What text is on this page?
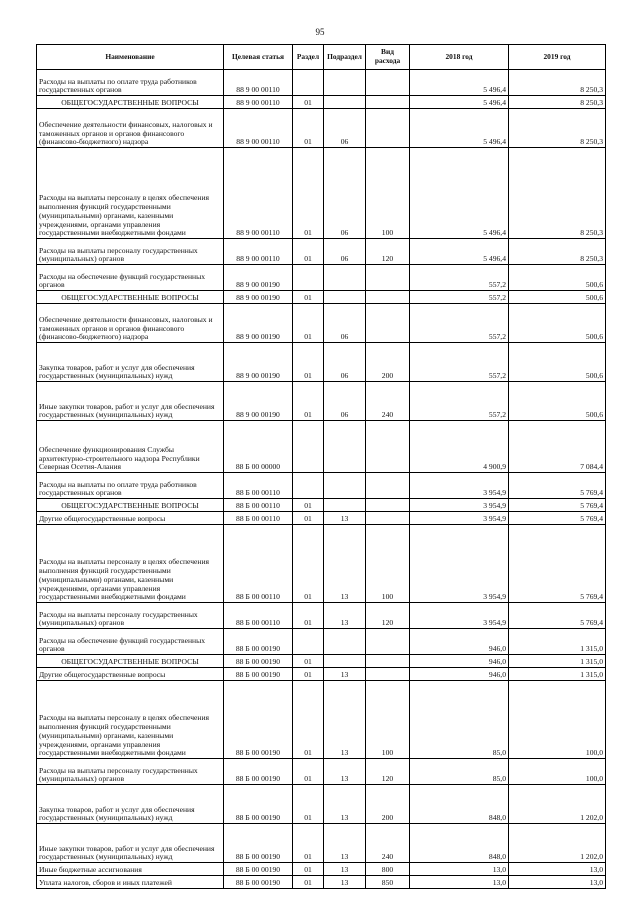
95
Наименование	Целевая статья	Раздел	Подраздел	Вид расхода	2018 год	2019 год
Расходы на выплаты по оплате труда работников государственных органов	88 9 00 00110				5 496,4	8 250,3
ОБЩЕГОСУДАРСТВЕННЫЕ ВОПРОСЫ	88 9 00 00110	01			5 496,4	8 250,3
Обеспечение деятельности финансовых, налоговых и таможенных органов и органов финансового (финансово-бюджетного) надзора	88 9 00 00110	01	06		5 496,4	8 250,3
Расходы на выплаты персоналу в целях обеспечения выполнения функций государственными (муниципальными) органами, казенными учреждениями, органами управления государственными внебюджетными фондами	88 9 00 00110	01	06	100	5 496,4	8 250,3
Расходы на выплаты персоналу государственных (муниципальных) органов	88 9 00 00110	01	06	120	5 496,4	8 250,3
Расходы на обеспечение функций государственных органов	88 9 00 00190				557,2	500,6
ОБЩЕГОСУДАРСТВЕННЫЕ ВОПРОСЫ	88 9 00 00190	01			557,2	500,6
Обеспечение деятельности финансовых, налоговых и таможенных органов и органов финансового (финансово-бюджетного) надзора	88 9 00 00190	01	06		557,2	500,6
Закупка товаров, работ и услуг для обеспечения государственных (муниципальных) нужд	88 9 00 00190	01	06	200	557,2	500,6
Иные закупки товаров, работ и услуг для обеспечения государственных (муниципальных) нужд	88 9 00 00190	01	06	240	557,2	500,6
Обеспечение функционирования Службы архитектурно-строительного надзора Республики Северная Осетия-Алания	88 Б 00 00000				4 900,9	7 084,4
Расходы на выплаты по оплате труда работников государственных органов	88 Б 00 00110				3 954,9	5 769,4
ОБЩЕГОСУДАРСТВЕННЫЕ ВОПРОСЫ	88 Б 00 00110	01			3 954,9	5 769,4
Другие общегосударственные вопросы	88 Б 00 00110	01	13		3 954,9	5 769,4
Расходы на выплаты персоналу в целях обеспечения выполнения функций государственными (муниципальными) органами, казенными учреждениями, органами управления государственными внебюджетными фондами	88 Б 00 00110	01	13	100	3 954,9	5 769,4
Расходы на выплаты персоналу государственных (муниципальных) органов	88 Б 00 00110	01	13	120	3 954,9	5 769,4
Расходы на обеспечение функций государственных органов	88 Б 00 00190				946,0	1 315,0
ОБЩЕГОСУДАРСТВЕННЫЕ ВОПРОСЫ	88 Б 00 00190	01			946,0	1 315,0
Другие общегосударственные вопросы	88 Б 00 00190	01	13		946,0	1 315,0
Расходы на выплаты персоналу в целях обеспечения выполнения функций государственными (муниципальными) органами, казенными учреждениями, органами управления государственными внебюджетными фондами	88 Б 00 00190	01	13	100	85,0	100,0
Расходы на выплаты персоналу государственных (муниципальных) органов	88 Б 00 00190	01	13	120	85,0	100,0
Закупка товаров, работ и услуг для обеспечения государственных (муниципальных) нужд	88 Б 00 00190	01	13	200	848,0	1 202,0
Иные закупки товаров, работ и услуг для обеспечения государственных (муниципальных) нужд	88 Б 00 00190	01	13	240	848,0	1 202,0
Иные бюджетные ассигнования	88 Б 00 00190	01	13	800	13,0	13,0
Уплата налогов, сборов и иных платежей	88 Б 00 00190	01	13	850	13,0	13,0
